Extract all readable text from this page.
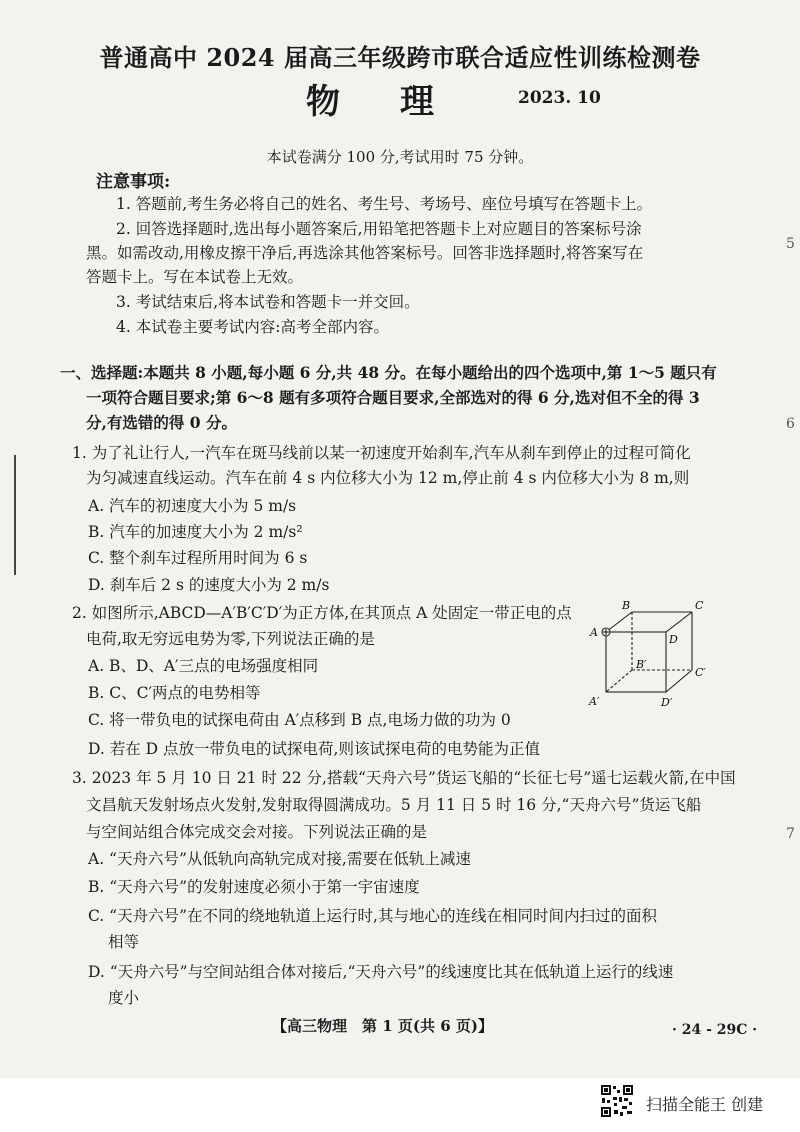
普通高中 2024 届高三年级跨市联合适应性训练检测卷
物理 2023. 10
本试卷满分 100 分,考试用时 75 分钟。
注意事项:
1. 答题前,考生务必将自己的姓名、考生号、考场号、座位号填写在答题卡上。
2. 回答选择题时,选出每小题答案后,用铅笔把答题卡上对应题目的答案标号涂
黑。如需改动,用橡皮擦干净后,再选涂其他答案标号。回答非选择题时,将答案写在
答题卡上。写在本试卷上无效。
3. 考试结束后,将本试卷和答题卡一并交回。
4. 本试卷主要考试内容:高考全部内容。
一、选择题:本题共 8 小题,每小题 6 分,共 48 分。在每小题给出的四个选项中,第 1～5 题只有
一项符合题目要求;第 6～8 题有多项符合题目要求,全部选对的得 6 分,选对但不全的得 3
分,有选错的得 0 分。
1. 为了礼让行人,一汽车在斑马线前以某一初速度开始刹车,汽车从刹车到停止的过程可简化
为匀减速直线运动。汽车在前 4 s 内位移大小为 12 m,停止前 4 s 内位移大小为 8 m,则
A. 汽车的初速度大小为 5 m/s
B. 汽车的加速度大小为 2 m/s²
C. 整个刹车过程所用时间为 6 s
D. 刹车后 2 s 的速度大小为 2 m/s
2. 如图所示,ABCD—A′B′C′D′为正方体,在其顶点 A 处固定一带正电的点
电荷,取无穷远电势为零,下列说法正确的是
A. B、D、A′三点的电场强度相同
B. C、C′两点的电势相等
C. 将一带负电的试探电荷由 A′点移到 B 点,电场力做的功为 0
D. 若在 D 点放一带负电的试探电荷,则该试探电荷的电势能为正值
B	C
A
D
B′
C′
A′	D′
3. 2023 年 5 月 10 日 21 时 22 分,搭载“天舟六号”货运飞船的“长征七号”遥七运载火箭,在中国
文昌航天发射场点火发射,发射取得圆满成功。5 月 11 日 5 时 16 分,“天舟六号”货运飞船
与空间站组合体完成交会对接。下列说法正确的是
A. “天舟六号”从低轨向高轨完成对接,需要在低轨上减速
B. “天舟六号”的发射速度必须小于第一宇宙速度
C. “天舟六号”在不同的绕地轨道上运行时,其与地心的连线在相同时间内扫过的面积
相等
D. “天舟六号”与空间站组合体对接后,“天舟六号”的线速度比其在低轨道上运行的线速
度小
【高三物理　第 1 页(共 6 页)】	· 24 - 29C ·
5
6
7
扫描全能王 创建
